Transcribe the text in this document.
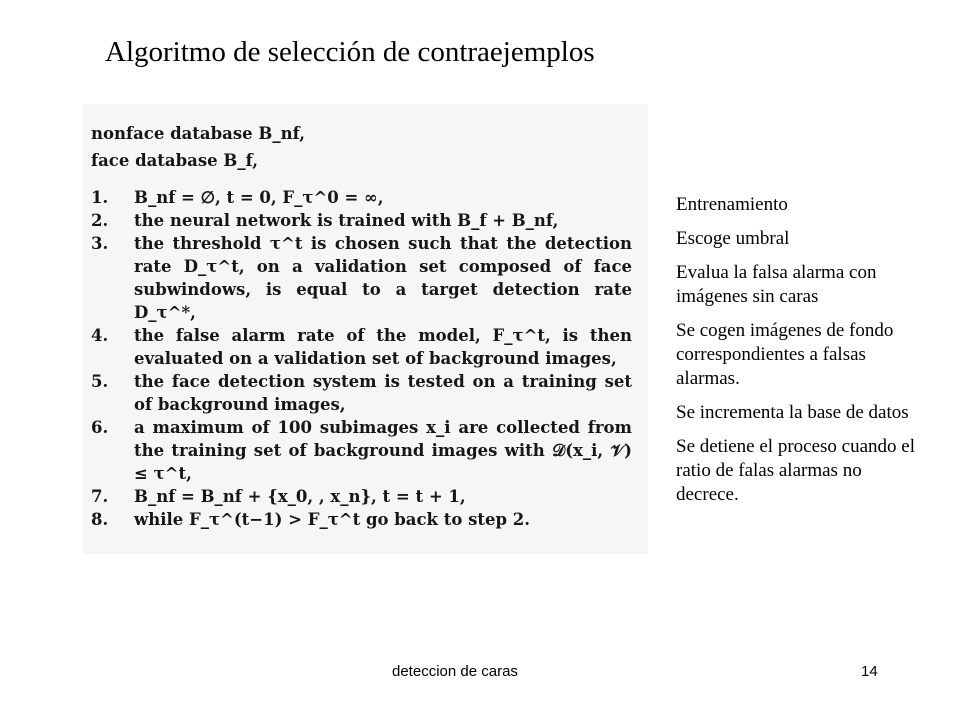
Algoritmo de selección de contraejemplos

nonface database B_nf,

face database B_f,

1.	B_nf = ∅, t = 0, F_τ^0 = ∞,
2.	the neural network is trained with B_f + B_nf,
3.	the threshold τ^t is chosen such that the detection rate D_τ^t, on a validation set composed of face subwindows, is equal to a target detection rate D_τ^*,
4.	the false alarm rate of the model, F_τ^t, is then evaluated on a validation set of background images,
5.	the face detection system is tested on a training set of background images,
6.	a maximum of 100 subimages x_i are collected from the training set of background images with 𝒟(x_i, 𝒱) ≤ τ^t,
7.	B_nf = B_nf + {x_0, , x_n}, t = t + 1,
8.	while F_τ^(t−1) > F_τ^t go back to step 2.

Entrenamiento

Escoge umbral

Evalua la falsa alarma con imágenes sin caras

Se cogen imágenes de fondo correspondientes a falsas alarmas.

Se incrementa la base de datos

Se detiene el proceso cuando el ratio de falas alarmas no decrece.

deteccion de caras	14
